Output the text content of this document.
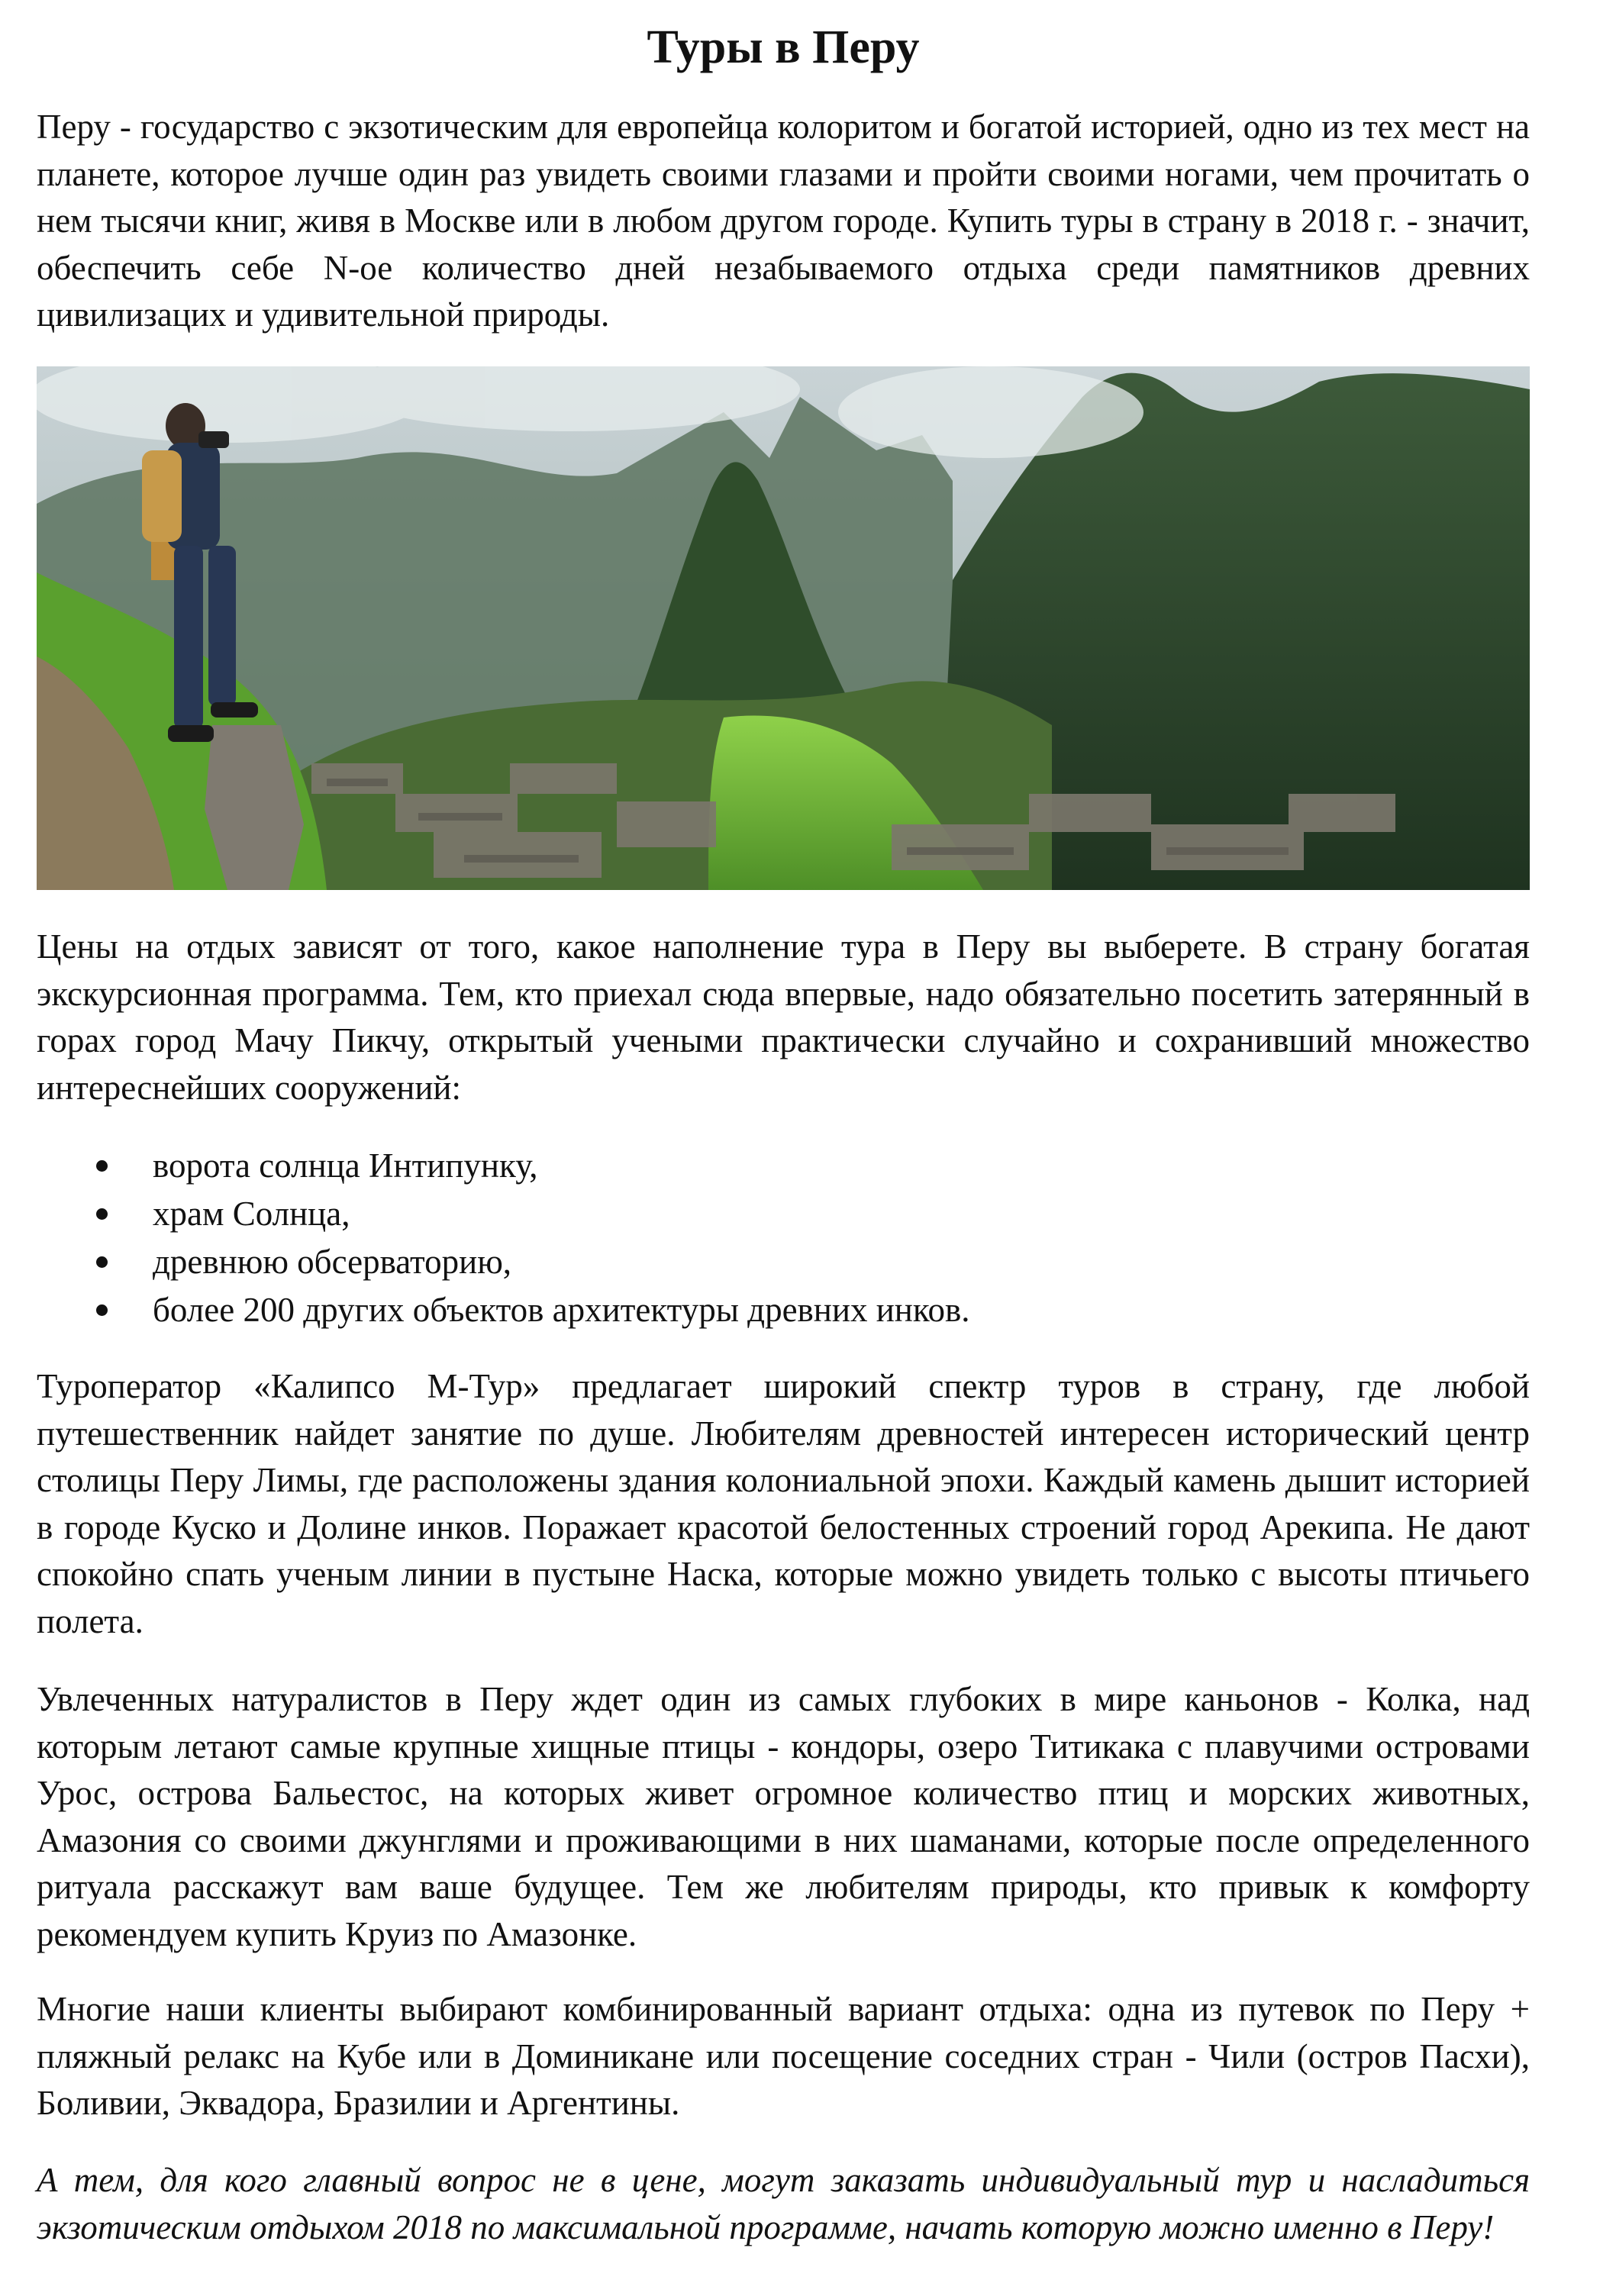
Туры в Перу

Перу - государство с экзотическим для европейца колоритом и богатой историей, одно из тех мест на планете, которое лучше один раз увидеть своими глазами и пройти своими ногами, чем прочитать о нем тысячи книг, живя в Москве или в любом другом городе. Купить туры в страну в 2018 г. - значит, обеспечить себе N-ое количество дней незабываемого отдыха среди памятников древних цивилизацих и удивительной природы.

Цены на отдых зависят от того, какое наполнение тура в Перу вы выберете. В страну богатая экскурсионная программа. Тем, кто приехал сюда впервые, надо обязательно посетить затерянный в горах город Мачу Пикчу, открытый учеными практически случайно и сохранивший множество интереснейших сооружений:

ворота солнца Интипунку,
храм Солнца,
древнюю обсерваторию,
более 200 других объектов архитектуры древних инков.

Туроператор «Калипсо М-Тур» предлагает широкий спектр туров в страну, где любой путешественник найдет занятие по душе. Любителям древностей интересен исторический центр столицы Перу Лимы, где расположены здания колониальной эпохи. Каждый камень дышит историей в городе Куско и Долине инков. Поражает красотой белостенных строений город Арекипа. Не дают спокойно спать ученым линии в пустыне Наска, которые можно увидеть только с высоты птичьего полета.

Увлеченных натуралистов в Перу ждет один из самых глубоких в мире каньонов - Колка, над которым летают самые крупные хищные птицы - кондоры, озеро Титикака с плавучими островами Урос, острова Бальестос, на которых живет огромное количество птиц и морских животных, Амазония со своими джунглями и проживающими в них шаманами, которые после определенного ритуала расскажут вам ваше будущее. Тем же любителям природы, кто привык к комфорту рекомендуем купить Круиз по Амазонке.

Многие наши клиенты выбирают комбинированный вариант отдыха: одна из путевок по Перу + пляжный релакс на Кубе или в Доминикане или посещение соседних стран - Чили (остров Пасхи), Боливии, Эквадора, Бразилии и Аргентины.

А тем, для кого главный вопрос не в цене, могут заказать индивидуальный тур и насладиться экзотическим отдыхом 2018 по максимальной программе, начать которую можно именно в Перу!
